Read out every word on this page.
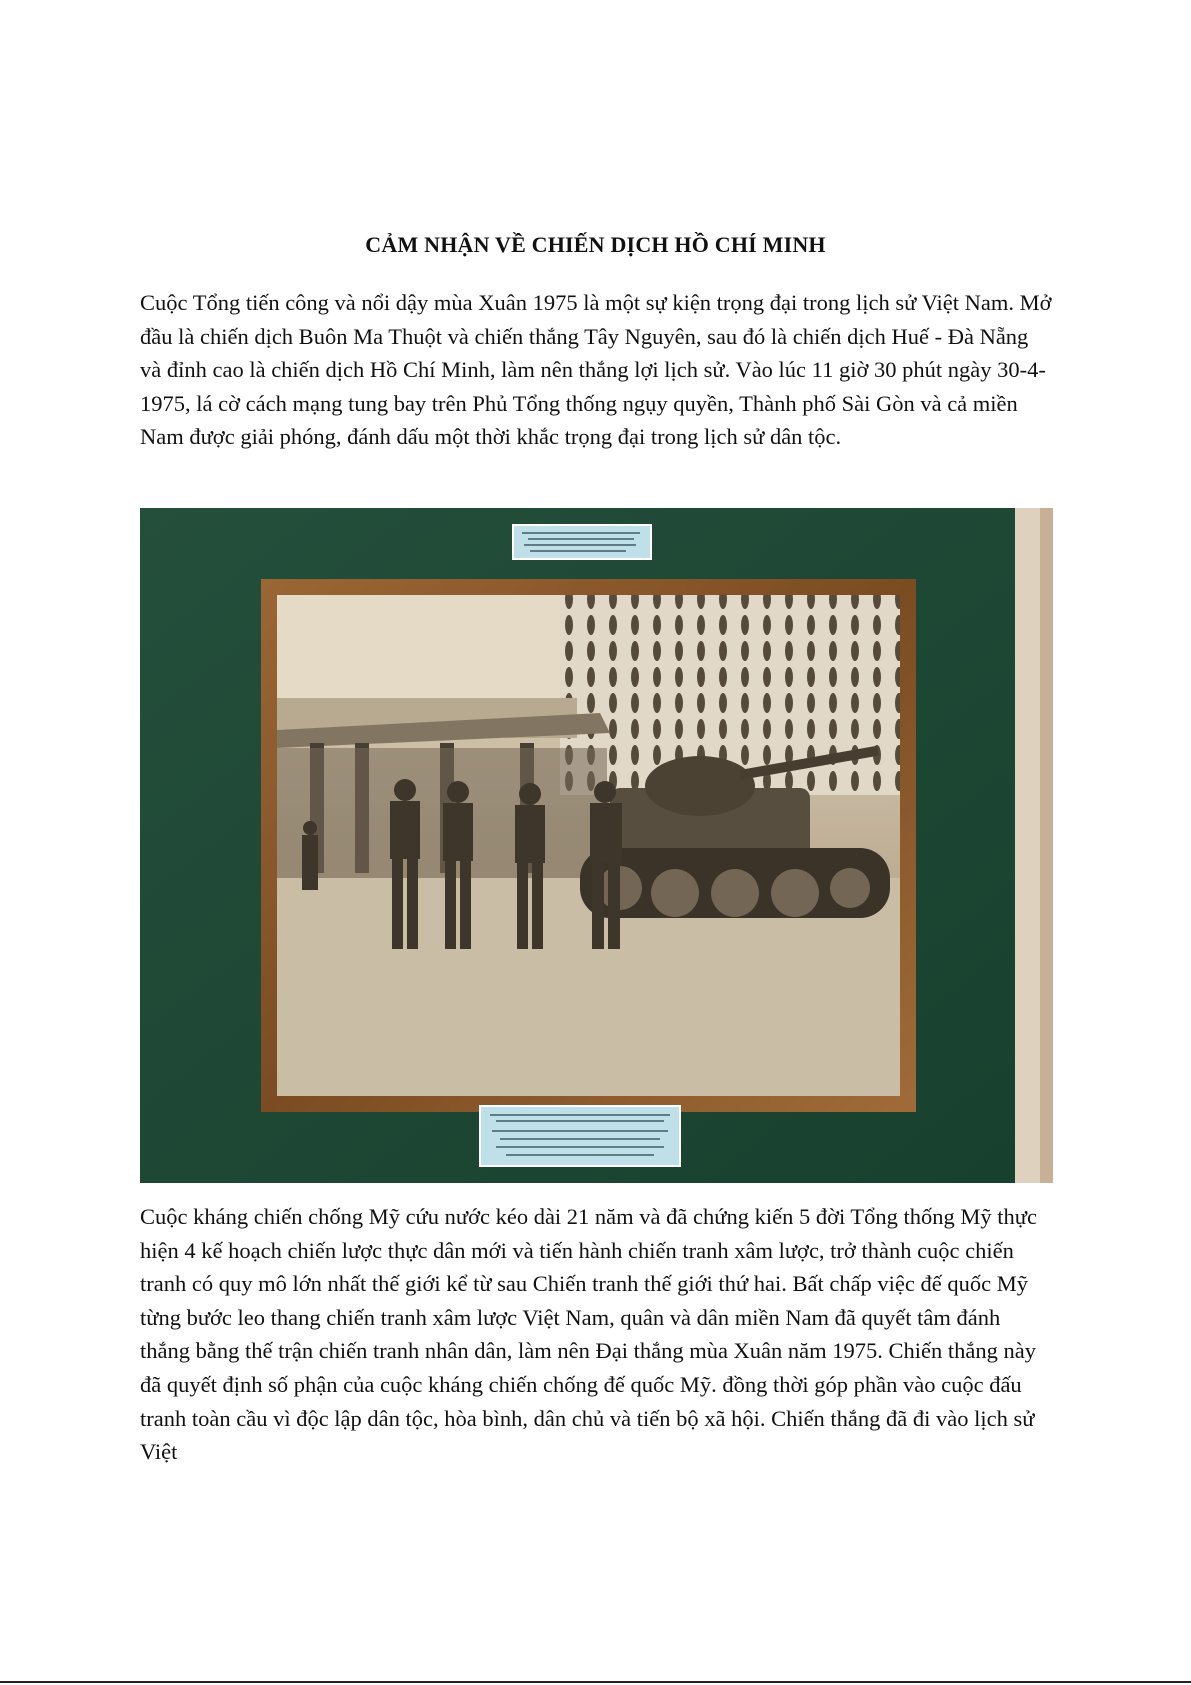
CẢM NHẬN VỀ CHIẾN DỊCH HỒ CHÍ MINH

Cuộc Tổng tiến công và nổi dậy mùa Xuân 1975 là một sự kiện trọng đại trong lịch sử Việt Nam. Mở đầu là chiến dịch Buôn Ma Thuột và chiến thắng Tây Nguyên, sau đó là chiến dịch Huế - Đà Nẵng và đỉnh cao là chiến dịch Hồ Chí Minh, làm nên thắng lợi lịch sử. Vào lúc 11 giờ 30 phút ngày 30-4-1975, lá cờ cách mạng tung bay trên Phủ Tổng thống ngụy quyền, Thành phố Sài Gòn và cả miền Nam được giải phóng, đánh dấu một thời khắc trọng đại trong lịch sử dân tộc.

Cuộc kháng chiến chống Mỹ cứu nước kéo dài 21 năm và đã chứng kiến 5 đời Tổng thống Mỹ thực hiện 4 kế hoạch chiến lược thực dân mới và tiến hành chiến tranh xâm lược, trở thành cuộc chiến tranh có quy mô lớn nhất thế giới kể từ sau Chiến tranh thế giới thứ hai. Bất chấp việc đế quốc Mỹ từng bước leo thang chiến tranh xâm lược Việt Nam, quân và dân miền Nam đã quyết tâm đánh thắng bằng thế trận chiến tranh nhân dân, làm nên Đại thắng mùa Xuân năm 1975. Chiến thắng này đã quyết định số phận của cuộc kháng chiến chống đế quốc Mỹ. đồng thời góp phần vào cuộc đấu tranh toàn cầu vì độc lập dân tộc, hòa bình, dân chủ và tiến bộ xã hội. Chiến thắng đã đi vào lịch sử Việt
